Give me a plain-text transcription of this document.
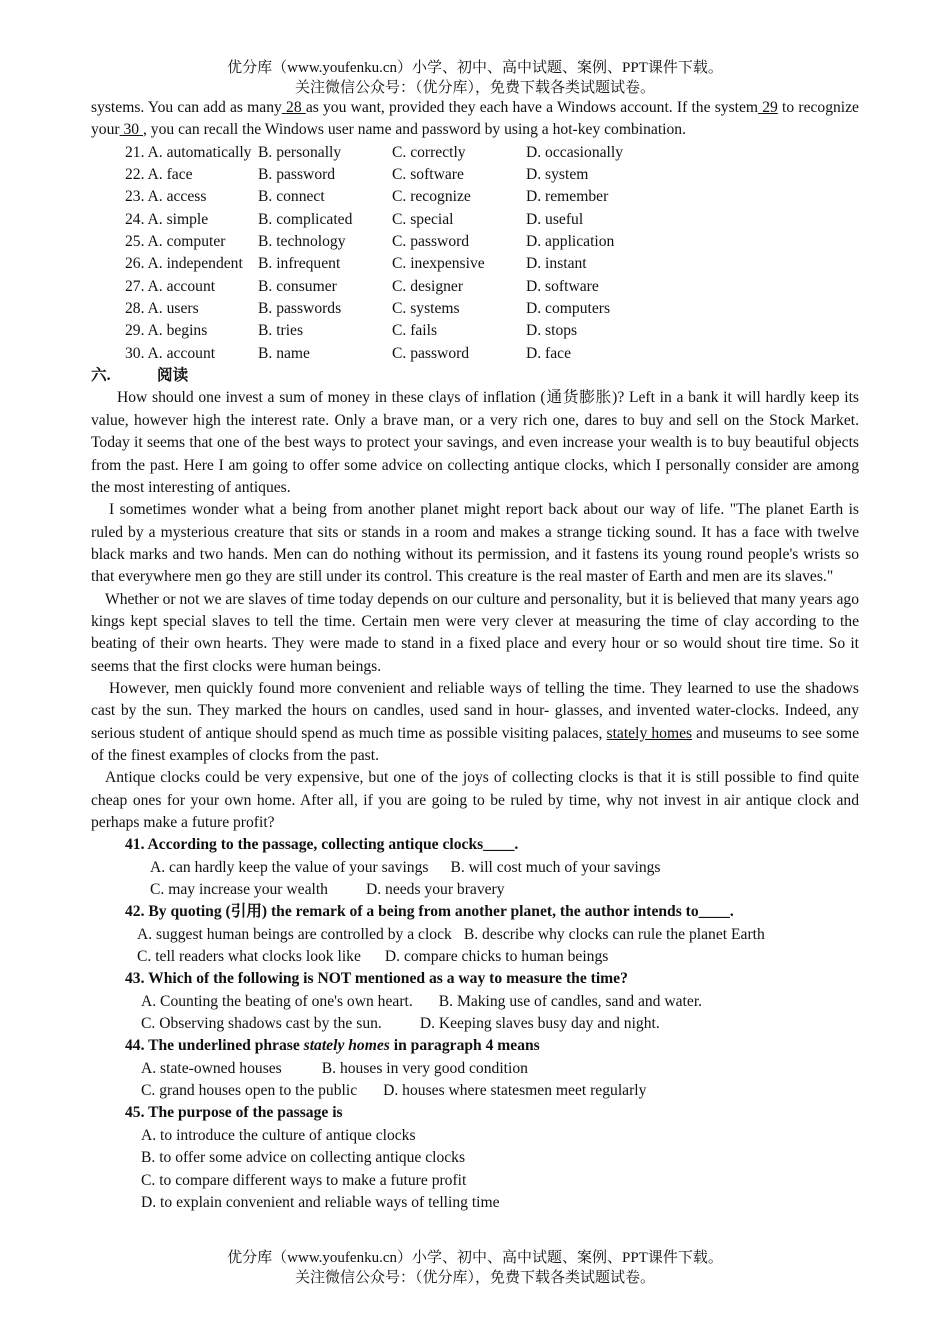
优分库（www.youfenku.cn）小学、初中、高中试题、案例、PPT课件下载。
关注微信公众号：（优分库），免费下载各类试题试卷。
systems. You can add as many 28 as you want, provided they each have a Windows account. If the system 29 to recognize your 30 , you can recall the Windows user name and password by using a hot-key combination.
21. A. automatically B. personally	C. correctly	D. occasionally
22. A. face	B. password	C. software	D. system
23. A. access	B. connect	C. recognize	D. remember
24. A. simple	B. complicated	C. special	D. useful
25. A. computer	B. technology	C. password	D. application
26. A. independent B. infrequent	C. inexpensive	D. instant
27. A. account	B. consumer	C. designer	D. software
28. A. users	B. passwords	C. systems	D. computers
29. A. begins	B. tries	C. fails	D. stops
30. A. account	B. name	C. password	D. face
六.	阅读
How should one invest a sum of money in these clays of inflation (通货膨胀)? Left in a bank it will hardly keep its value, however high the interest rate. Only a brave man, or a very rich one, dares to buy and sell on the Stock Market. Today it seems that one of the best ways to protect your savings, and even increase your wealth is to buy beautiful objects from the past. Here I am going to offer some advice on collecting antique clocks, which I personally consider are among the most interesting of antiques.
I sometimes wonder what a being from another planet might report back about our way of life. "The planet Earth is ruled by a mysterious creature that sits or stands in a room and makes a strange ticking sound. It has a face with twelve black marks and two hands. Men can do nothing without its permission, and it fastens its young round people's wrists so that everywhere men go they are still under its control. This creature is the real master of Earth and men are its slaves."
Whether or not we are slaves of time today depends on our culture and personality, but it is believed that many years ago kings kept special slaves to tell the time. Certain men were very clever at measuring the time of clay according to the beating of their own hearts. They were made to stand in a fixed place and every hour or so would shout tire time. So it seems that the first clocks were human beings.
However, men quickly found more convenient and reliable ways of telling the time. They learned to use the shadows cast by the sun. They marked the hours on candles, used sand in hour- glasses, and invented water-clocks. Indeed, any serious student of antique should spend as much time as possible visiting palaces, stately homes and museums to see some of the finest examples of clocks from the past.
Antique clocks could be very expensive, but one of the joys of collecting clocks is that it is still possible to find quite cheap ones for your own home. After all, if you are going to be ruled by time, why not invest in air antique clock and perhaps make a future profit?
41. According to the passage, collecting antique clocks____.
A. can hardly keep the value of your savings B. will cost much of your savings
C. may increase your wealth D. needs your bravery
42. By quoting (引用) the remark of a being from another planet, the author intends to____.
A. suggest human beings are controlled by a clock B. describe why clocks can rule the planet Earth
C. tell readers what clocks look like D. compare chicks to human beings
43. Which of the following is NOT mentioned as a way to measure the time?
A. Counting the beating of one's own heart. B. Making use of candles, sand and water.
C. Observing shadows cast by the sun. D. Keeping slaves busy day and night.
44. The underlined phrase stately homes in paragraph 4 means
A. state-owned houses	B. houses in very good condition
C. grand houses open to the public D. houses where statesmen meet regularly
45. The purpose of the passage is
A. to introduce the culture of antique clocks
B. to offer some advice on collecting antique clocks
C. to compare different ways to make a future profit
D. to explain convenient and reliable ways of telling time
优分库（www.youfenku.cn）小学、初中、高中试题、案例、PPT课件下载。
关注微信公众号：（优分库），免费下载各类试题试卷。
